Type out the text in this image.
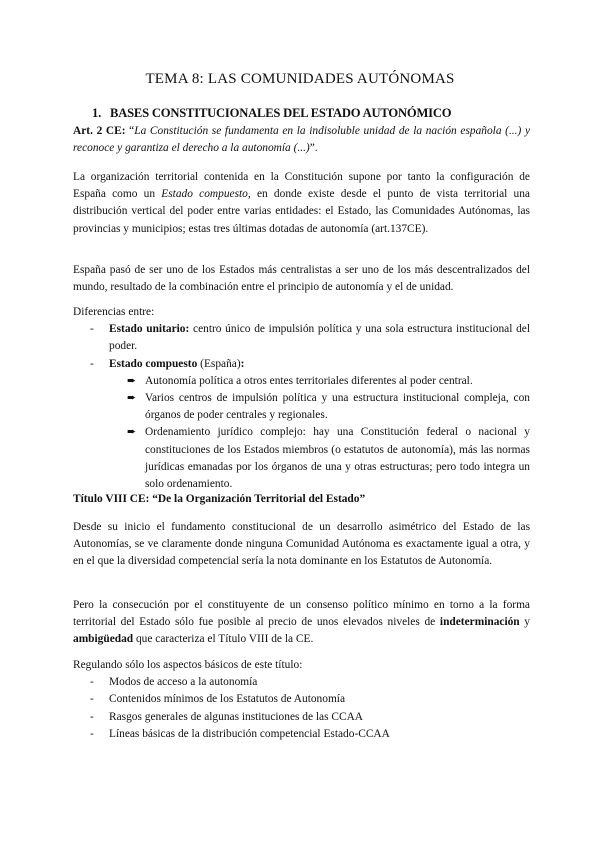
TEMA 8: LAS COMUNIDADES AUTÓNOMAS
1. BASES CONSTITUCIONALES DEL ESTADO AUTONÓMICO

Art. 2 CE: “La Constitución se fundamenta en la indisoluble unidad de la nación española (...) y reconoce y garantiza el derecho a la autonomía (...)”.

La organización territorial contenida en la Constitución supone por tanto la configuración de España como un Estado compuesto, en donde existe desde el punto de vista territorial una distribución vertical del poder entre varias entidades: el Estado, las Comunidades Autónomas, las provincias y municipios; estas tres últimas dotadas de autonomía (art.137CE).

España pasó de ser uno de los Estados más centralistas a ser uno de los más descentralizados del mundo, resultado de la combinación entre el principio de autonomía y el de unidad.

Diferencias entre:
- Estado unitario: centro único de impulsión política y una sola estructura institucional del poder.
- Estado compuesto (España):
➨ Autonomía política a otros entes territoriales diferentes al poder central.
➨ Varios centros de impulsión política y una estructura institucional compleja, con órganos de poder centrales y regionales.
➨ Ordenamiento jurídico complejo: hay una Constitución federal o nacional y constituciones de los Estados miembros (o estatutos de autonomía), más las normas jurídicas emanadas por los órganos de una y otras estructuras; pero todo integra un solo ordenamiento.

Título VIII CE: “De la Organización Territorial del Estado”

Desde su inicio el fundamento constitucional de un desarrollo asimétrico del Estado de las Autonomías, se ve claramente donde ninguna Comunidad Autónoma es exactamente igual a otra, y en el que la diversidad competencial sería la nota dominante en los Estatutos de Autonomía.

Pero la consecución por el constituyente de un consenso político mínimo en torno a la forma territorial del Estado sólo fue posible al precio de unos elevados niveles de indeterminación y ambigüedad que caracteriza el Título VIII de la CE.

Regulando sólo los aspectos básicos de este título:
- Modos de acceso a la autonomía
- Contenidos mínimos de los Estatutos de Autonomía
- Rasgos generales de algunas instituciones de las CCAA
- Líneas básicas de la distribución competencial Estado-CCAA
